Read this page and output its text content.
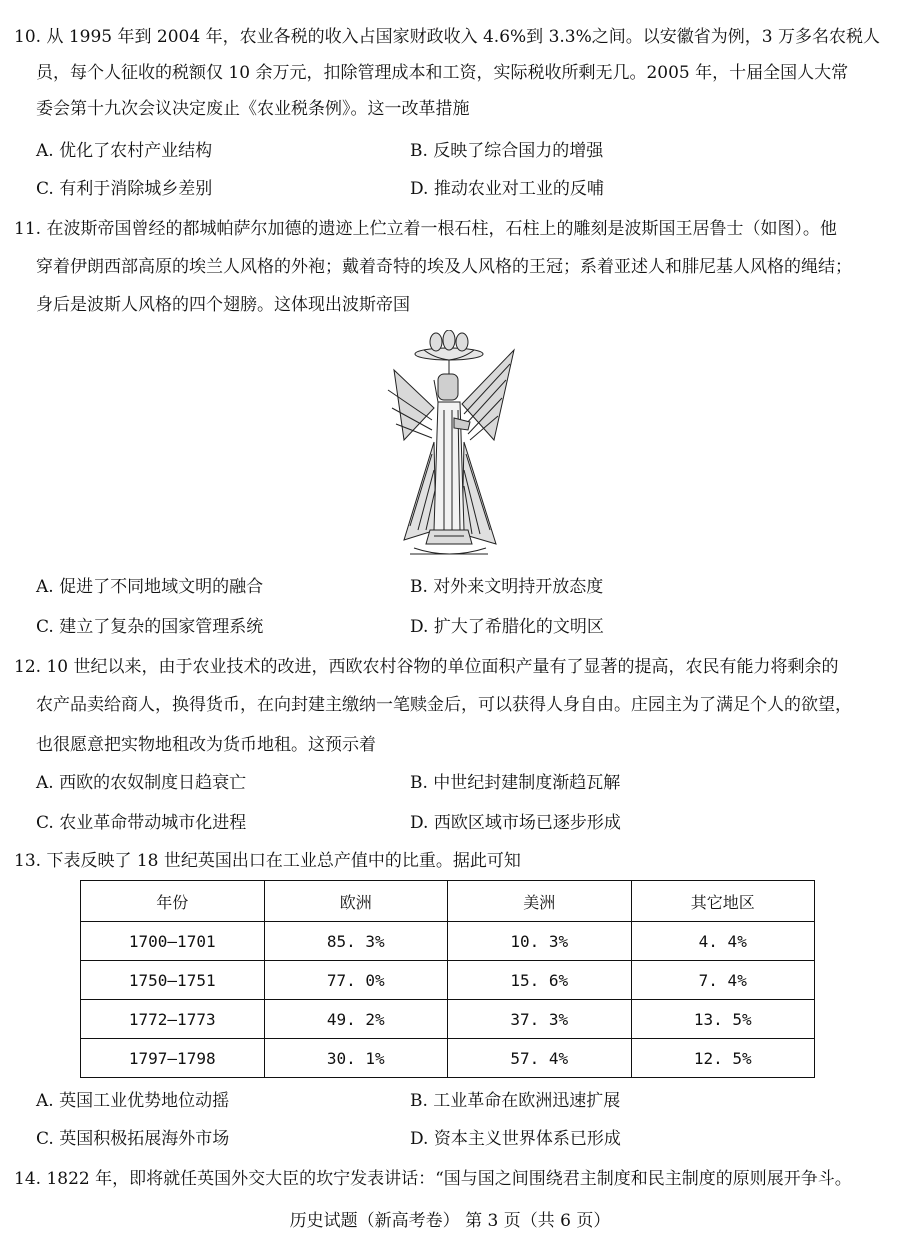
10. 从 1995 年到 2004 年，农业各税的收入占国家财政收入 4.6%到 3.3%之间。以安徽省为例，3 万多名农税人
员，每个人征收的税额仅 10 余万元，扣除管理成本和工资，实际税收所剩无几。2005 年，十届全国人大常
委会第十九次会议决定废止《农业税条例》。这一改革措施
A. 优化了农村产业结构	B. 反映了综合国力的增强
C. 有利于消除城乡差别	D. 推动农业对工业的反哺
11. 在波斯帝国曾经的都城帕萨尔加德的遗迹上伫立着一根石柱，石柱上的雕刻是波斯国王居鲁士（如图）。他
穿着伊朗西部高原的埃兰人风格的外袍；戴着奇特的埃及人风格的王冠；系着亚述人和腓尼基人风格的绳结；
身后是波斯人风格的四个翅膀。这体现出波斯帝国
A. 促进了不同地域文明的融合	B. 对外来文明持开放态度
C. 建立了复杂的国家管理系统	D. 扩大了希腊化的文明区
12. 10 世纪以来，由于农业技术的改进，西欧农村谷物的单位面积产量有了显著的提高，农民有能力将剩余的
农产品卖给商人，换得货币，在向封建主缴纳一笔赎金后，可以获得人身自由。庄园主为了满足个人的欲望，
也很愿意把实物地租改为货币地租。这预示着
A. 西欧的农奴制度日趋衰亡	B. 中世纪封建制度渐趋瓦解
C. 农业革命带动城市化进程	D. 西欧区域市场已逐步形成
13. 下表反映了 18 世纪英国出口在工业总产值中的比重。据此可知
年份	欧洲	美洲	其它地区
1700—1701	85. 3%	10. 3%	4. 4%
1750—1751	77. 0%	15. 6%	7. 4%
1772—1773	49. 2%	37. 3%	13. 5%
1797—1798	30. 1%	57. 4%	12. 5%
A. 英国工业优势地位动摇	B. 工业革命在欧洲迅速扩展
C. 英国积极拓展海外市场	D. 资本主义世界体系已形成
14. 1822 年，即将就任英国外交大臣的坎宁发表讲话：“国与国之间围绕君主制度和民主制度的原则展开争斗。
历史试题（新高考卷） 第 3 页（共 6 页）
